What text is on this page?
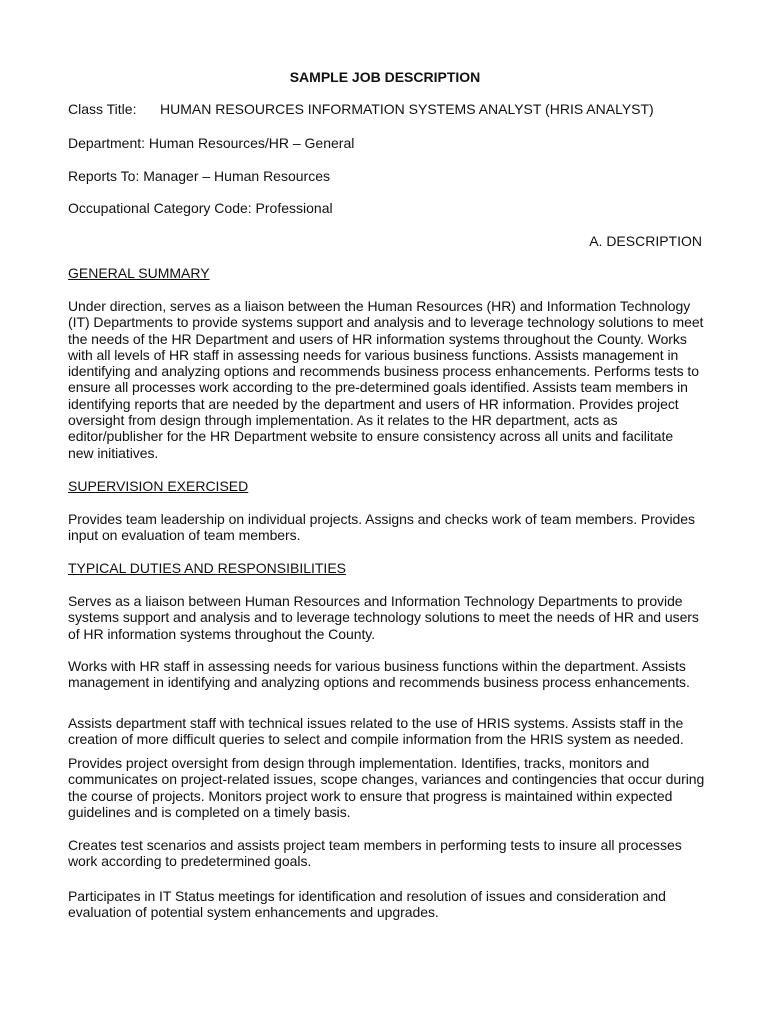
SAMPLE JOB DESCRIPTION
Class Title: HUMAN RESOURCES INFORMATION SYSTEMS ANALYST (HRIS ANALYST)
Department: Human Resources/HR – General
Reports To: Manager – Human Resources
Occupational Category Code: Professional
A. DESCRIPTION
GENERAL SUMMARY
Under direction, serves as a liaison between the Human Resources (HR) and Information Technology
(IT) Departments to provide systems support and analysis and to leverage technology solutions to meet
the needs of the HR Department and users of HR information systems throughout the County. Works
with all levels of HR staff in assessing needs for various business functions. Assists management in
identifying and analyzing options and recommends business process enhancements. Performs tests to
ensure all processes work according to the pre-determined goals identified. Assists team members in
identifying reports that are needed by the department and users of HR information. Provides project
oversight from design through implementation. As it relates to the HR department, acts as
editor/publisher for the HR Department website to ensure consistency across all units and facilitate
new initiatives.
SUPERVISION EXERCISED
Provides team leadership on individual projects. Assigns and checks work of team members. Provides
input on evaluation of team members.
TYPICAL DUTIES AND RESPONSIBILITIES
Serves as a liaison between Human Resources and Information Technology Departments to provide
systems support and analysis and to leverage technology solutions to meet the needs of HR and users
of HR information systems throughout the County.
Works with HR staff in assessing needs for various business functions within the department. Assists
management in identifying and analyzing options and recommends business process enhancements.
Assists department staff with technical issues related to the use of HRIS systems. Assists staff in the
creation of more difficult queries to select and compile information from the HRIS system as needed.
Provides project oversight from design through implementation. Identifies, tracks, monitors and
communicates on project-related issues, scope changes, variances and contingencies that occur during
the course of projects. Monitors project work to ensure that progress is maintained within expected
guidelines and is completed on a timely basis.
Creates test scenarios and assists project team members in performing tests to insure all processes
work according to predetermined goals.
Participates in IT Status meetings for identification and resolution of issues and consideration and
evaluation of potential system enhancements and upgrades.
